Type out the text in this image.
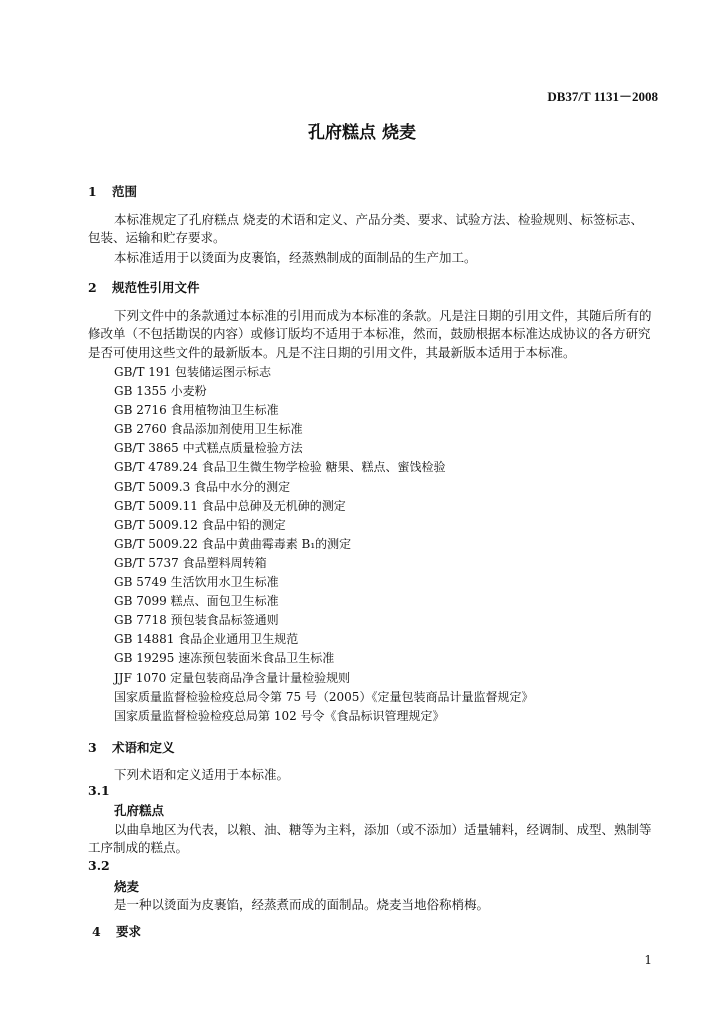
DB37/T 1131－2008
孔府糕点 烧麦
1 范围
本标准规定了孔府糕点 烧麦的术语和定义、产品分类、要求、试验方法、检验规则、标签标志、
包装、运输和贮存要求。
本标准适用于以烫面为皮裹馅，经蒸熟制成的面制品的生产加工。
2 规范性引用文件
下列文件中的条款通过本标准的引用而成为本标准的条款。凡是注日期的引用文件，其随后所有的
修改单（不包括勘误的内容）或修订版均不适用于本标准，然而，鼓励根据本标准达成协议的各方研究
是否可使用这些文件的最新版本。凡是不注日期的引用文件，其最新版本适用于本标准。
GB/T 191 包装储运图示标志
GB 1355 小麦粉
GB 2716 食用植物油卫生标准
GB 2760 食品添加剂使用卫生标准
GB/T 3865 中式糕点质量检验方法
GB/T 4789.24 食品卫生微生物学检验 糖果、糕点、蜜饯检验
GB/T 5009.3 食品中水分的测定
GB/T 5009.11 食品中总砷及无机砷的测定
GB/T 5009.12 食品中铅的测定
GB/T 5009.22 食品中黄曲霉毒素 B₁的测定
GB/T 5737 食品塑料周转箱
GB 5749 生活饮用水卫生标准
GB 7099 糕点、面包卫生标准
GB 7718 预包装食品标签通则
GB 14881 食品企业通用卫生规范
GB 19295 速冻预包装面米食品卫生标准
JJF 1070 定量包装商品净含量计量检验规则
国家质量监督检验检疫总局令第 75 号（2005）《定量包装商品计量监督规定》
国家质量监督检验检疫总局第 102 号令《食品标识管理规定》
3 术语和定义
下列术语和定义适用于本标准。
3.1
孔府糕点
以曲阜地区为代表，以粮、油、糖等为主料，添加（或不添加）适量辅料，经调制、成型、熟制等
工序制成的糕点。
3.2
烧麦
是一种以烫面为皮裹馅，经蒸煮而成的面制品。烧麦当地俗称梢梅。
4 要求
1
